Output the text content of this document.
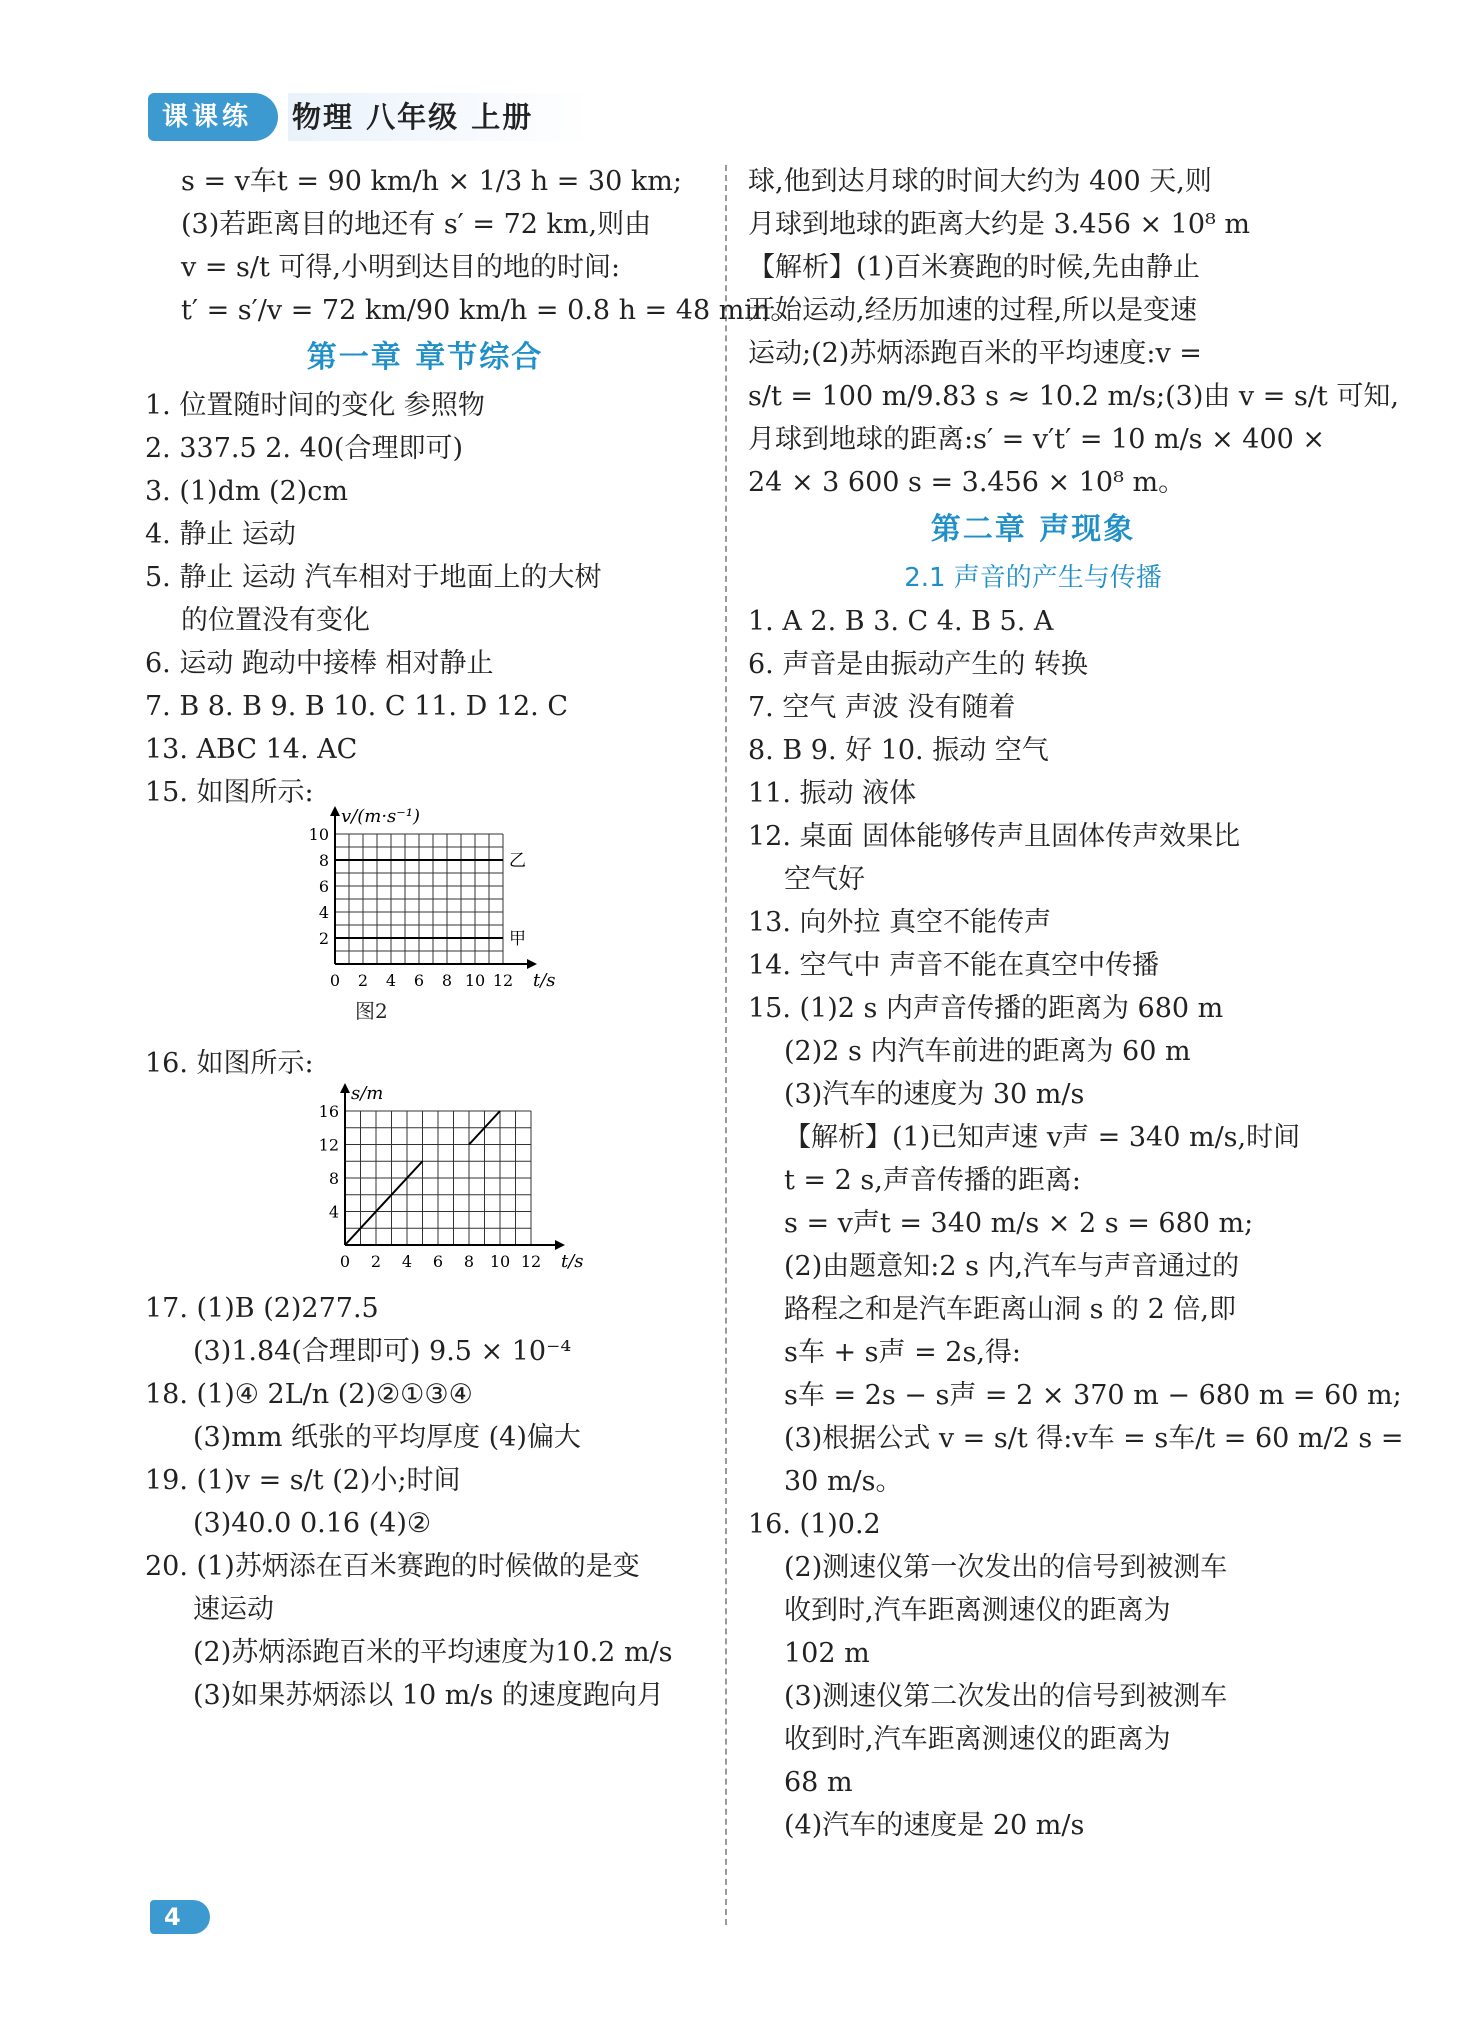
课课练	物理 八年级 上册
s = v车t = 90 km/h × 1/3 h = 30 km;
(3)若距离目的地还有 s′ = 72 km,则由
v = s/t 可得,小明到达目的地的时间:
t′ = s′/v = 72 km/90 km/h = 0.8 h = 48 min。
第一章 章节综合
1. 位置随时间的变化 参照物
2. 337.5 2. 40(合理即可)
3. (1)dm (2)cm
4. 静止 运动
5. 静止 运动 汽车相对于地面上的大树
的位置没有变化
6. 运动 跑动中接棒 相对静止
7. B 8. B 9. B 10. C 11. D 12. C
13. ABC 14. AC
15. 如图所示:
0 2 4 6 8 10 12
2
4
6
8
10
t/s
v/(m·s⁻¹)
乙
甲
图2
16. 如图所示:
0 2 4 6 8 10 12
4
8
12
16
t/s
s/m
17. (1)B (2)277.5
(3)1.84(合理即可) 9.5 × 10⁻⁴
18. (1)④ 2L/n (2)②①③④
(3)mm 纸张的平均厚度 (4)偏大
19. (1)v = s/t (2)小;时间
(3)40.0 0.16 (4)②
20. (1)苏炳添在百米赛跑的时候做的是变
速运动
(2)苏炳添跑百米的平均速度为10.2 m/s
(3)如果苏炳添以 10 m/s 的速度跑向月
球,他到达月球的时间大约为 400 天,则
月球到地球的距离大约是 3.456 × 10⁸ m
【解析】(1)百米赛跑的时候,先由静止
开始运动,经历加速的过程,所以是变速
运动;(2)苏炳添跑百米的平均速度:v =
s/t = 100 m/9.83 s ≈ 10.2 m/s;(3)由 v = s/t 可知,
月球到地球的距离:s′ = v′t′ = 10 m/s × 400 ×
24 × 3 600 s = 3.456 × 10⁸ m。
第二章 声现象
2.1 声音的产生与传播
1. A 2. B 3. C 4. B 5. A
6. 声音是由振动产生的 转换
7. 空气 声波 没有随着
8. B 9. 好 10. 振动 空气
11. 振动 液体
12. 桌面 固体能够传声且固体传声效果比
空气好
13. 向外拉 真空不能传声
14. 空气中 声音不能在真空中传播
15. (1)2 s 内声音传播的距离为 680 m
(2)2 s 内汽车前进的距离为 60 m
(3)汽车的速度为 30 m/s
【解析】(1)已知声速 v声 = 340 m/s,时间
t = 2 s,声音传播的距离:
s = v声t = 340 m/s × 2 s = 680 m;
(2)由题意知:2 s 内,汽车与声音通过的
路程之和是汽车距离山洞 s 的 2 倍,即
s车 + s声 = 2s,得:
s车 = 2s − s声 = 2 × 370 m − 680 m = 60 m;
(3)根据公式 v = s/t 得:v车 = s车/t = 60 m/2 s =
30 m/s。
16. (1)0.2
(2)测速仪第一次发出的信号到被测车
收到时,汽车距离测速仪的距离为
102 m
(3)测速仪第二次发出的信号到被测车
收到时,汽车距离测速仪的距离为
68 m
(4)汽车的速度是 20 m/s
4
